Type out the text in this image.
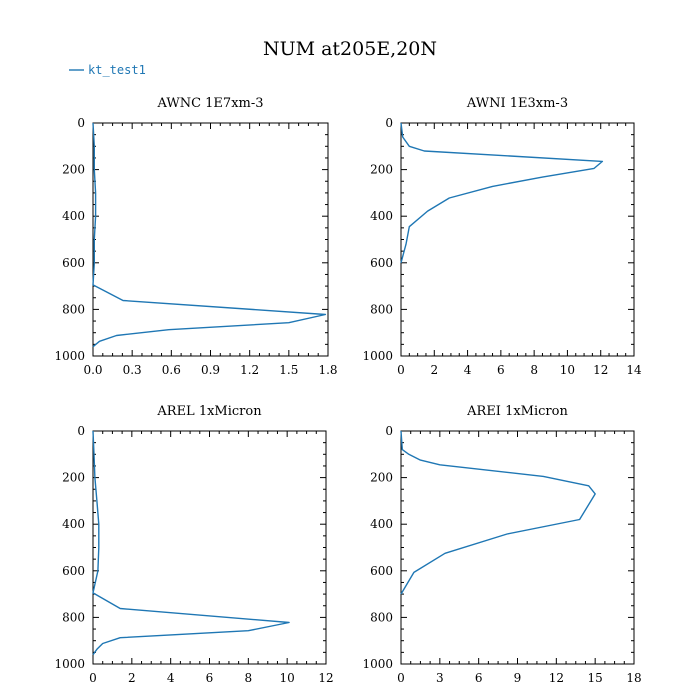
NUM at205E,20N
kt_test1
AWNC 1E7xm-3
0.0 0.3 0.6 0.9 1.2 1.5 1.8
0
200
400
600
800
1000
AWNI 1E3xm-3
0 2 4 6 8 10 12 14
0
200
400
600
800
1000
AREL 1xMicron
0	2	4	6	8 10 12
0
200
400
600
800
1000
AREI 1xMicron
0	3	6	9 12 15 18
0
200
400
600
800
1000
